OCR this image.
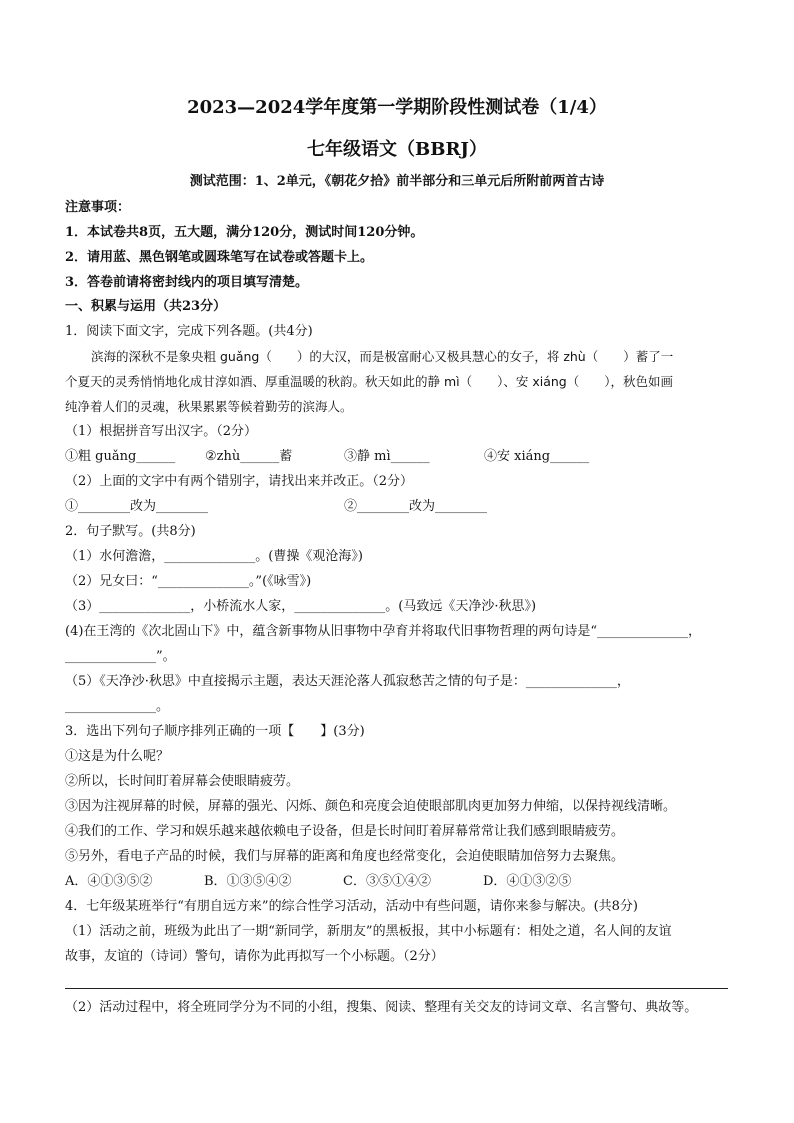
2023—2024学年度第一学期阶段性测试卷（1/4）
七年级语文（BBRJ）
测试范围：1、2单元，《朝花夕拾》前半部分和三单元后所附前两首古诗
注意事项：
1．本试卷共8页，五大题，满分120分，测试时间120分钟。
2．请用蓝、黑色钢笔或圆珠笔写在试卷或答题卡上。
3．答卷前请将密封线内的项目填写清楚。
一、积累与运用（共23分）
1．阅读下面文字，完成下列各题。(共4分)
滨海的深秋不是象央粗 guǎng（　　）的大汉，而是极富耐心又极具慧心的女子，将 zhù（　　）蓄了一
个夏天的灵秀悄悄地化成甘淳如酒、厚重温暖的秋韵。秋天如此的静 mì（　　）、安 xiáng（　　），秋色如画
纯净着人们的灵魂，秋果累累等候着勤劳的滨海人。
（1）根据拼音写出汉字。（2分）
①粗 guǎng______ ②zhù______蓄	③静 mì______	④安 xiáng______
（2）上面的文字中有两个错别字，请找出来并改正。（2分）
①________改为________	②________改为________
2．句子默写。(共8分)
（1）水何澹澹，______________。(曹操《观沧海》)
（2）兄女曰：“______________。”(《咏雪》)
（3）______________，小桥流水人家，______________。(马致远《天净沙·秋思》)
(4)在王湾的《次北固山下》中，蕴含新事物从旧事物中孕育并将取代旧事物哲理的两句诗是“______________，
______________”。
（5）《天净沙·秋思》中直接揭示主题，表达天涯沦落人孤寂愁苦之情的句子是：______________，
______________。
3．选出下列句子顺序排列正确的一项【　　】(3分)
①这是为什么呢？
②所以，长时间盯着屏幕会使眼睛疲劳。
③因为注视屏幕的时候，屏幕的强光、闪烁、颜色和亮度会迫使眼部肌肉更加努力伸缩，以保持视线清晰。
④我们的工作、学习和娱乐越来越依赖电子设备，但是长时间盯着屏幕常常让我们感到眼睛疲劳。
⑤另外，看电子产品的时候，我们与屏幕的距离和角度也经常变化，会迫使眼睛加倍努力去聚焦。
A．④①③⑤②	B．①③⑤④②	C．③⑤①④②	D．④①③②⑤
4．七年级某班举行“有朋自远方来”的综合性学习活动，活动中有些问题，请你来参与解决。(共8分)
（1）活动之前，班级为此出了一期“新同学，新朋友”的黑板报，其中小标题有：相处之道，名人间的友谊
故事，友谊的（诗词）警句，请你为此再拟写一个小标题。（2分）
（2）活动过程中，将全班同学分为不同的小组，搜集、阅读、整理有关交友的诗词文章、名言警句、典故等。
